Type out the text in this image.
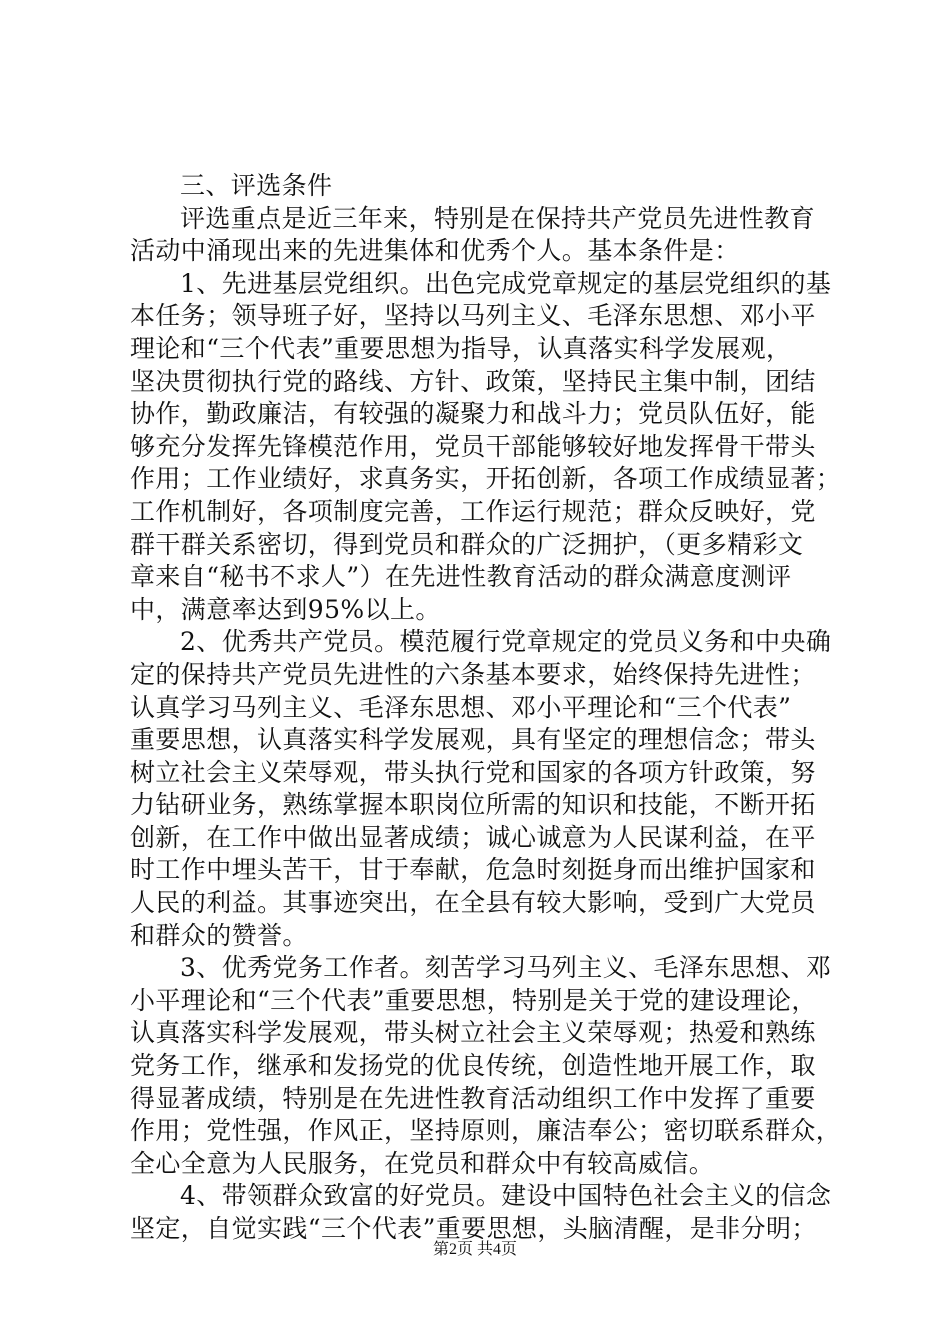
三、评选条件
评选重点是近三年来，特别是在保持共产党员先进性教育
活动中涌现出来的先进集体和优秀个人。基本条件是：
1、先进基层党组织。出色完成党章规定的基层党组织的基
本任务；领导班子好，坚持以马列主义、毛泽东思想、邓小平
理论和“三个代表”重要思想为指导，认真落实科学发展观，
坚决贯彻执行党的路线、方针、政策，坚持民主集中制，团结
协作，勤政廉洁，有较强的凝聚力和战斗力；党员队伍好，能
够充分发挥先锋模范作用，党员干部能够较好地发挥骨干带头
作用；工作业绩好，求真务实，开拓创新，各项工作成绩显著；
工作机制好，各项制度完善，工作运行规范；群众反映好，党
群干群关系密切，得到党员和群众的广泛拥护，（更多精彩文
章来自“秘书不求人”）在先进性教育活动的群众满意度测评
中，满意率达到95%以上。
2、优秀共产党员。模范履行党章规定的党员义务和中央确
定的保持共产党员先进性的六条基本要求，始终保持先进性；
认真学习马列主义、毛泽东思想、邓小平理论和“三个代表”
重要思想，认真落实科学发展观，具有坚定的理想信念；带头
树立社会主义荣辱观，带头执行党和国家的各项方针政策，努
力钻研业务，熟练掌握本职岗位所需的知识和技能，不断开拓
创新，在工作中做出显著成绩；诚心诚意为人民谋利益，在平
时工作中埋头苦干，甘于奉献，危急时刻挺身而出维护国家和
人民的利益。其事迹突出，在全县有较大影响，受到广大党员
和群众的赞誉。
3、优秀党务工作者。刻苦学习马列主义、毛泽东思想、邓
小平理论和“三个代表”重要思想，特别是关于党的建设理论，
认真落实科学发展观，带头树立社会主义荣辱观；热爱和熟练
党务工作，继承和发扬党的优良传统，创造性地开展工作，取
得显著成绩，特别是在先进性教育活动组织工作中发挥了重要
作用；党性强，作风正，坚持原则，廉洁奉公；密切联系群众，
全心全意为人民服务，在党员和群众中有较高威信。
4、带领群众致富的好党员。建设中国特色社会主义的信念
坚定，自觉实践“三个代表”重要思想，头脑清醒，是非分明；
第2页 共4页
